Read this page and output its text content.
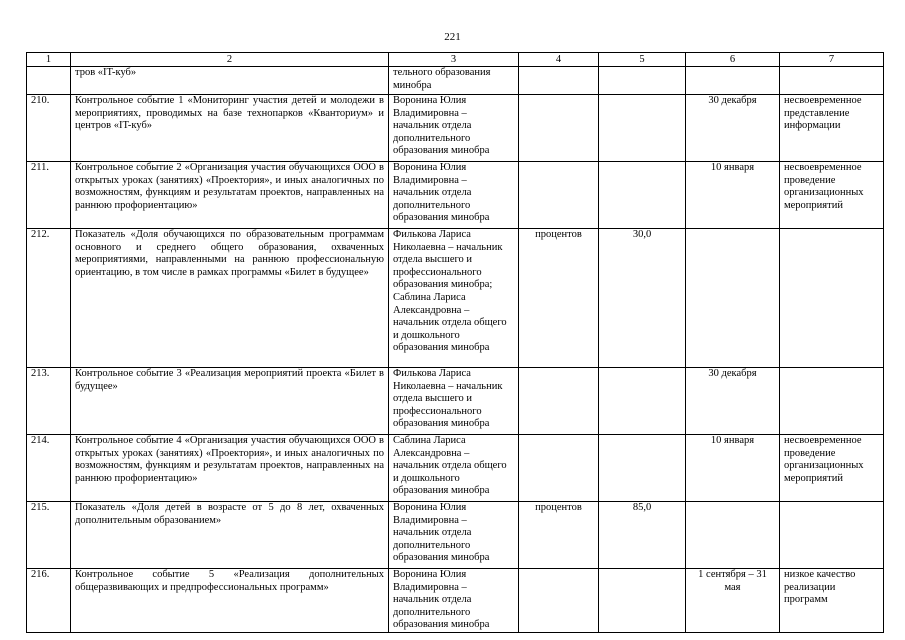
221
1	2	3	4	5	6	7
	тров «IT-куб»	тельного образования минобра				
210.	Контрольное событие 1 «Мониторинг участия детей и молодежи в мероприятиях, проводимых на базе технопарков «Кванториум» и центров «IT-куб»	Воронина Юлия Владимировна – начальник отдела дополнительного образования минобра			30 декабря	несвоевременное представление информации
211.	Контрольное событие 2 «Организация участия обучающихся ООО в открытых уроках (занятиях) «Проектория», и иных аналогичных по возможностям, функциям и результатам проектов, направленных на раннюю профориентацию»	Воронина Юлия Владимировна – начальник отдела дополнительного образования минобра			10 января	несвоевременное проведение организационных мероприятий
212.	Показатель «Доля обучающихся по образовательным программам основного и среднего общего образования, охваченных мероприятиями, направленными на раннюю профессиональную ориентацию, в том числе в рамках программы «Билет в будущее»	Филькова Лариса Николаевна – начальник отдела высшего и профессионального образования минобра; Саблина Лариса Александровна – начальник отдела общего и дошкольного образования минобра	процентов	30,0		
213.	Контрольное событие 3 «Реализация мероприятий проекта «Билет в будущее»	Филькова Лариса Николаевна – начальник отдела высшего и профессионального образования минобра			30 декабря	
214.	Контрольное событие 4 «Организация участия обучающихся ООО в открытых уроках (занятиях) «Проектория», и иных аналогичных по возможностям, функциям и результатам проектов, направленных на раннюю профориентацию»	Саблина Лариса Александровна – начальник отдела общего и дошкольного образования минобра			10 января	несвоевременное проведение организационных мероприятий
215.	Показатель «Доля детей в возрасте от 5 до 8 лет, охваченных дополнительным образованием»	Воронина Юлия Владимировна – начальник отдела дополнительного образования минобра	процентов	85,0		
216.	Контрольное событие 5 «Реализация дополнительных общеразвивающих и предпрофессиональных программ»	Воронина Юлия Владимировна – начальник отдела дополнительного образования минобра			1 сентября – 31 мая	низкое качество реализации программ
